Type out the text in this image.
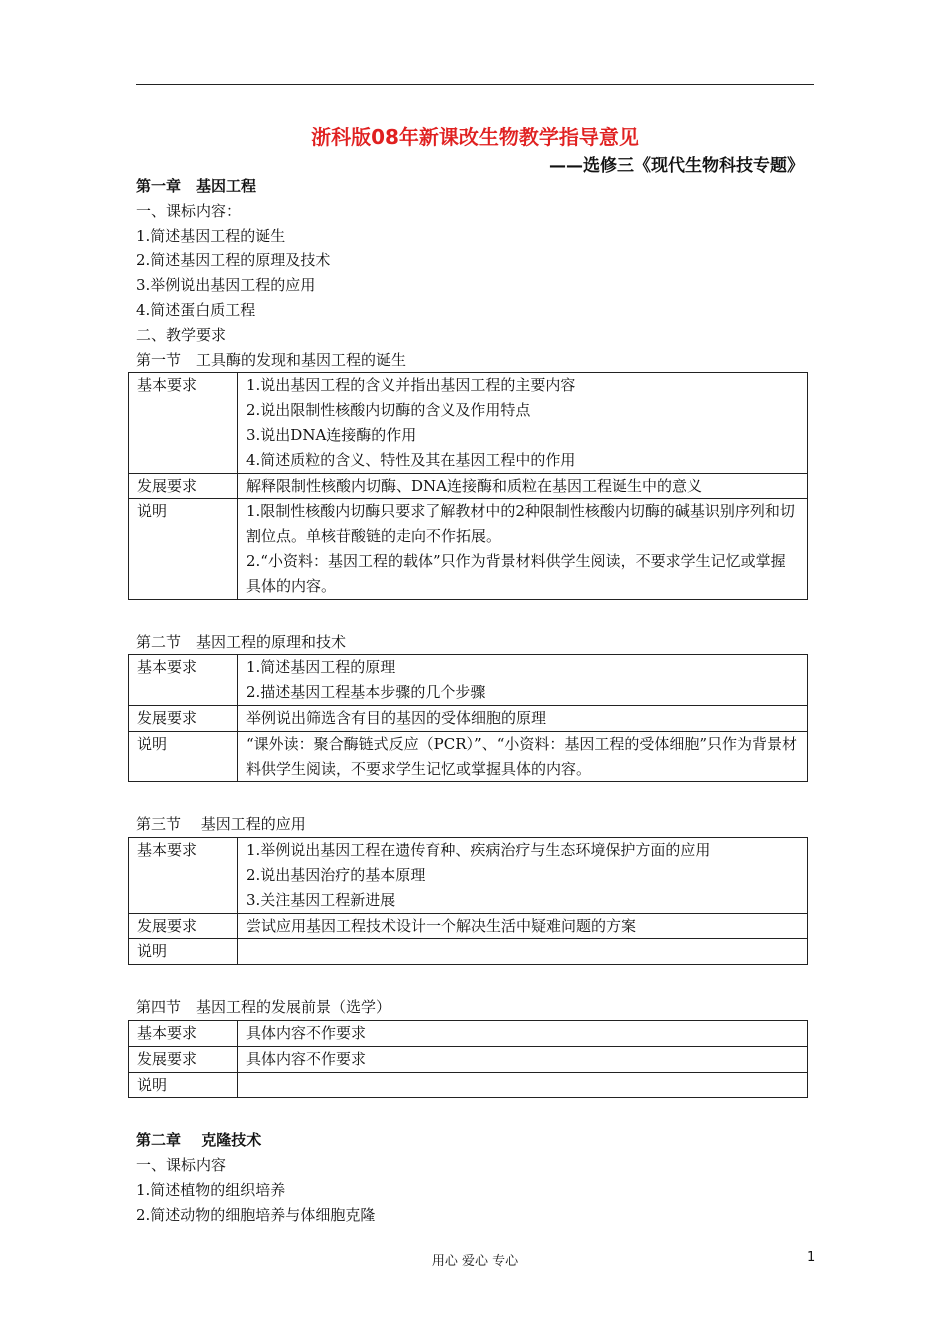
浙科版08年新课改生物教学指导意见
——选修三《现代生物科技专题》
第一章　基因工程
一、课标内容：
1.简述基因工程的诞生
2.简述基因工程的原理及技术
3.举例说出基因工程的应用
4.简述蛋白质工程
二、教学要求
第一节　工具酶的发现和基因工程的诞生
基本要求	1.说出基因工程的含义并指出基因工程的主要内容
2.说出限制性核酸内切酶的含义及作用特点
3.说出DNA连接酶的作用
4.简述质粒的含义、特性及其在基因工程中的作用

发展要求	解释限制性核酸内切酶、DNA连接酶和质粒在基因工程诞生中的意义
说明	1.限制性核酸内切酶只要求了解教材中的2种限制性核酸内切酶的碱基识别序列和切割位点。单核苷酸链的走向不作拓展。
2.“小资料：基因工程的载体”只作为背景材料供学生阅读，不要求学生记忆或掌握具体的内容。
第二节　基因工程的原理和技术
基本要求	1.简述基因工程的原理
2.描述基因工程基本步骤的几个步骤

发展要求	举例说出筛选含有目的基因的受体细胞的原理
说明	“课外读：聚合酶链式反应（PCR）”、“小资料：基因工程的受体细胞”只作为背景材料供学生阅读，不要求学生记忆或掌握具体的内容。
第三节　 基因工程的应用
基本要求	1.举例说出基因工程在遗传育种、疾病治疗与生态环境保护方面的应用
2.说出基因治疗的基本原理
3.关注基因工程新进展

发展要求	尝试应用基因工程技术设计一个解决生活中疑难问题的方案
说明	
第四节　基因工程的发展前景（选学）
基本要求	具体内容不作要求
发展要求	具体内容不作要求
说明	
第二章　 克隆技术
一、课标内容
1.简述植物的组织培养
2.简述动物的细胞培养与体细胞克隆
用心 爱心 专心	1
